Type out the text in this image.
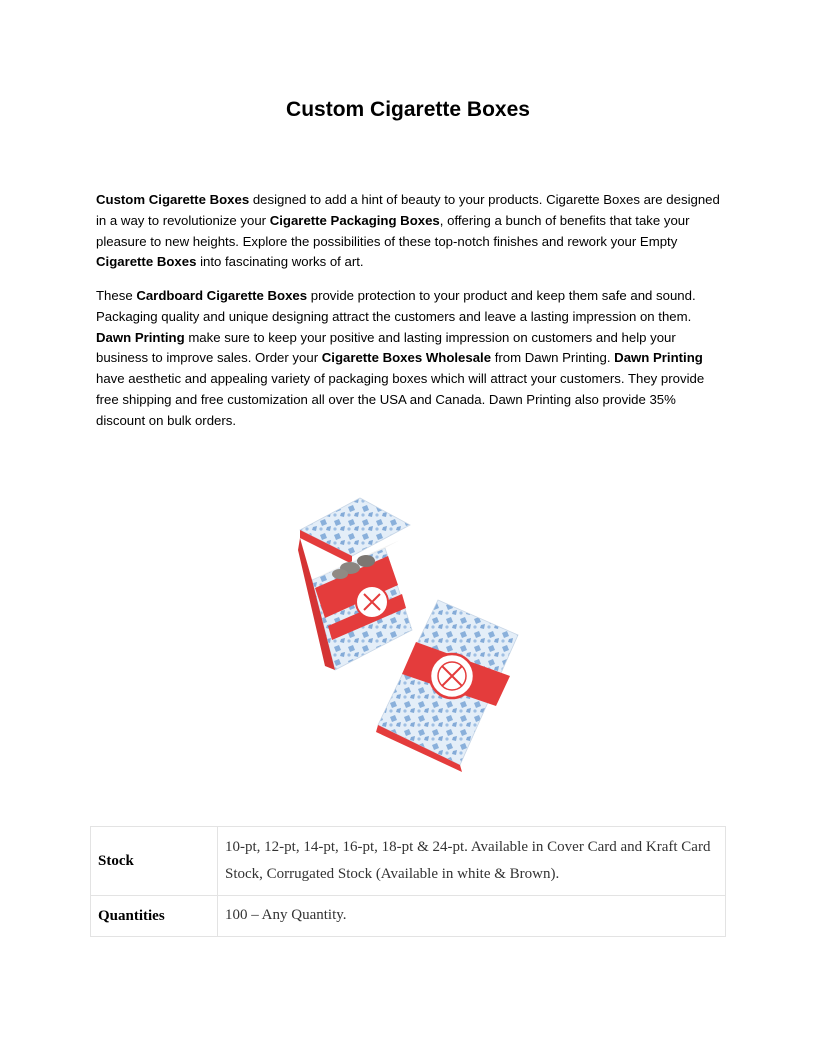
Custom Cigarette Boxes

Custom Cigarette Boxes designed to add a hint of beauty to your products. Cigarette Boxes are designed in a way to revolutionize your Cigarette Packaging Boxes, offering a bunch of benefits that take your pleasure to new heights. Explore the possibilities of these top-notch finishes and rework your Empty Cigarette Boxes into fascinating works of art.

These Cardboard Cigarette Boxes provide protection to your product and keep them safe and sound. Packaging quality and unique designing attract the customers and leave a lasting impression on them. Dawn Printing make sure to keep your positive and lasting impression on customers and help your business to improve sales. Order your Cigarette Boxes Wholesale from Dawn Printing. Dawn Printing have aesthetic and appealing variety of packaging boxes which will attract your customers. They provide free shipping and free customization all over the USA and Canada. Dawn Printing also provide 35% discount on bulk orders.

Stock	10-pt, 12-pt, 14-pt, 16-pt, 18-pt & 24-pt. Available in Cover Card and Kraft Card Stock, Corrugated Stock (Available in white & Brown).
Quantities	100 – Any Quantity.
